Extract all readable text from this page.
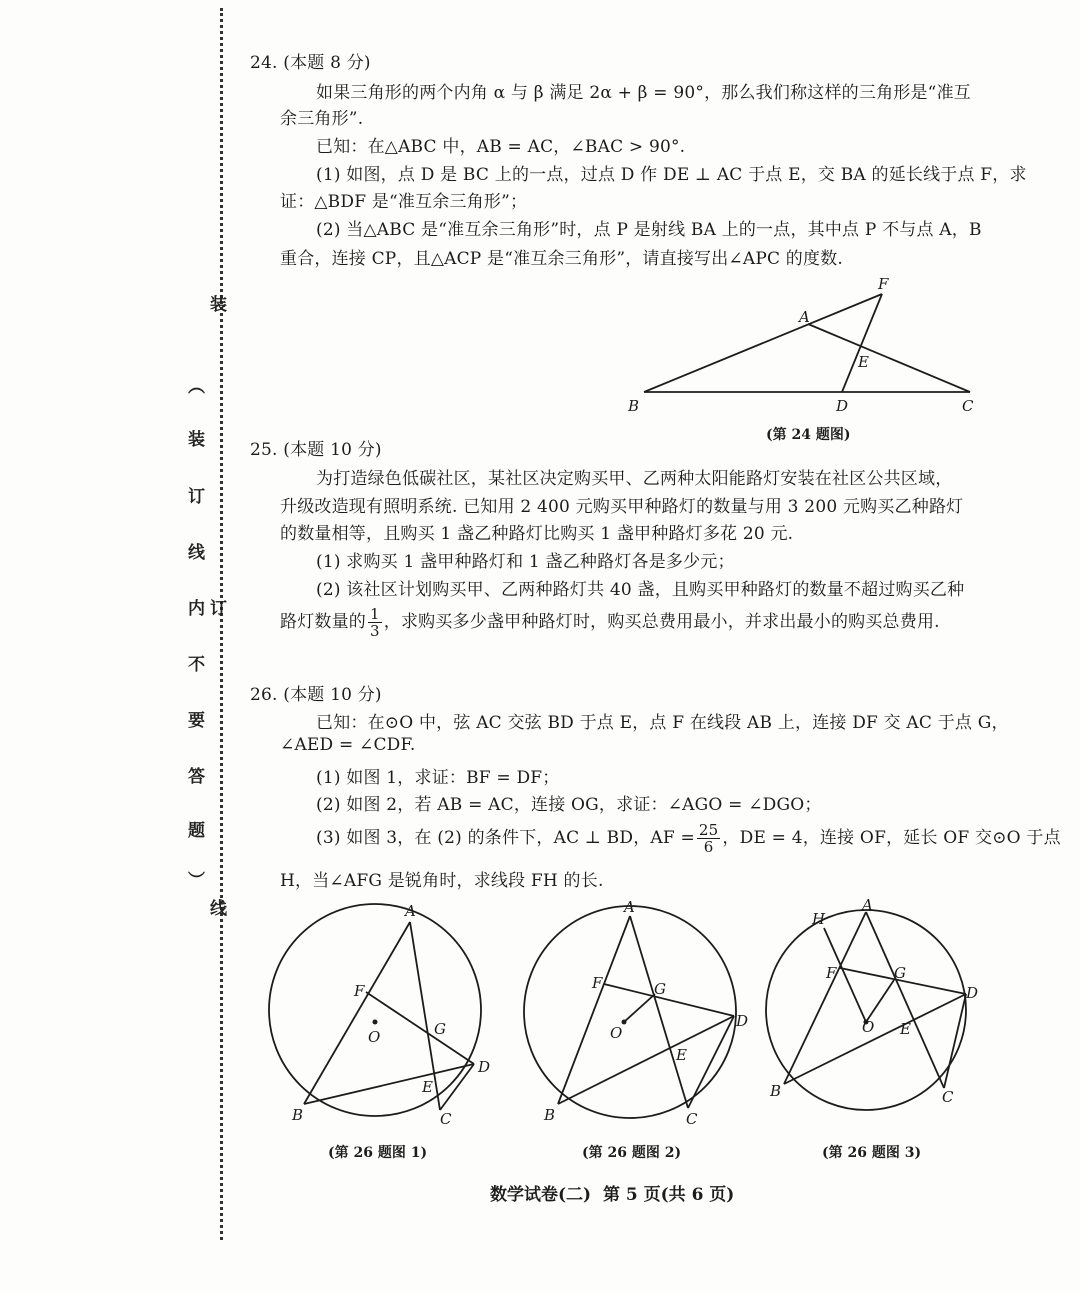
装
︵
装
订
线
内 订
不
要
答
题
︶
线
24. (本题 8 分)
如果三角形的两个内角 α 与 β 满足 2α + β = 90°，那么我们称这样的三角形是“准互
余三角形”.
已知：在△ABC 中，AB = AC，∠BAC > 90°.
(1) 如图，点 D 是 BC 上的一点，过点 D 作 DE ⊥ AC 于点 E，交 BA 的延长线于点 F，求
证：△BDF 是“准互余三角形”；
(2) 当△ABC 是“准互余三角形”时，点 P 是射线 BA 上的一点，其中点 P 不与点 A，B
重合，连接 CP，且△ACP 是“准互余三角形”，请直接写出∠APC 的度数.
B	C
D
A
E
F
(第 24 题图)
25. (本题 10 分)
为打造绿色低碳社区，某社区决定购买甲、乙两种太阳能路灯安装在社区公共区域，
升级改造现有照明系统. 已知用 2 400 元购买甲种路灯的数量与用 3 200 元购买乙种路灯
的数量相等，且购买 1 盏乙种路灯比购买 1 盏甲种路灯多花 20 元.
(1) 求购买 1 盏甲种路灯和 1 盏乙种路灯各是多少元；
(2) 该社区计划购买甲、乙两种路灯共 40 盏，且购买甲种路灯的数量不超过购买乙种
路灯数量的 $\frac{1}{3}$ ，求购买多少盏甲种路灯时，购买总费用最小，并求出最小的购买总费用.
26. (本题 10 分)
已知：在⊙O 中，弦 AC 交弦 BD 于点 E，点 F 在线段 AB 上，连接 DF 交 AC 于点 G，
∠AED = ∠CDF.
(1) 如图 1，求证：BF = DF；
(2) 如图 2，若 AB = AC，连接 OG，求证：∠AGO = ∠DGO；
(3) 如图 3，在 (2) 的条件下，AC ⊥ BD，AF = $\frac{25}{6}$ ，DE = 4，连接 OF，延长 OF 交⊙O 于点
H，当∠AFG 是锐角时，求线段 FH 的长.
A
B	C
D
E
F
G
O
(第 26 题图 1)
A
B	C
D
E
F	G
O
(第 26 题图 2)
H
A
B	C
D
E
F	G
O
(第 26 题图 3)
数学试卷(二) 第 5 页(共 6 页)
